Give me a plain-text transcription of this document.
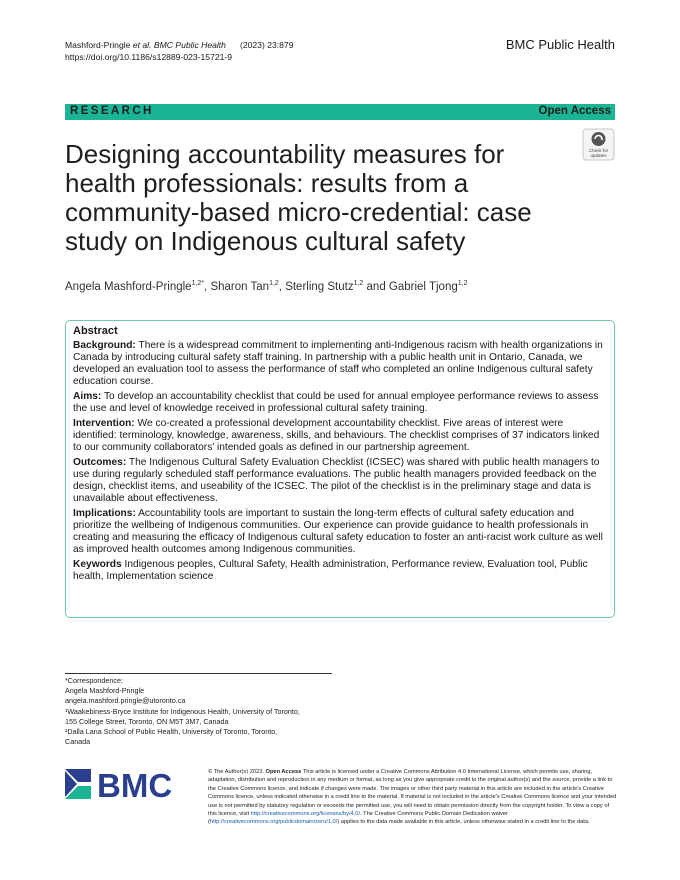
Mashford-Pringle et al. BMC Public Health (2023) 23:879
https://doi.org/10.1186/s12889-023-15721-9
BMC Public Health
RESEARCH	Open Access
Check for
updates
Designing accountability measures for health professionals: results from a community-based micro-credential: case study on Indigenous cultural safety
Angela Mashford-Pringle$^{1,2*}$, Sharon Tan$^{1,2}$, Sterling Stutz$^{1,2}$ and Gabriel Tjong$^{1,2}$
Abstract

Background: There is a widespread commitment to implementing anti-Indigenous racism with health organizations in Canada by introducing cultural safety staff training. In partnership with a public health unit in Ontario, Canada, we developed an evaluation tool to assess the performance of staff who completed an online Indigenous cultural safety education course.

Aims: To develop an accountability checklist that could be used for annual employee performance reviews to assess the use and level of knowledge received in professional cultural safety training.

Intervention: We co-created a professional development accountability checklist. Five areas of interest were identified: terminology, knowledge, awareness, skills, and behaviours. The checklist comprises of 37 indicators linked to our community collaborators’ intended goals as defined in our partnership agreement.

Outcomes: The Indigenous Cultural Safety Evaluation Checklist (ICSEC) was shared with public health managers to use during regularly scheduled staff performance evaluations. The public health managers provided feedback on the design, checklist items, and useability of the ICSEC. The pilot of the checklist is in the preliminary stage and data is unavailable about effectiveness.

Implications: Accountability tools are important to sustain the long-term effects of cultural safety education and prioritize the wellbeing of Indigenous communities. Our experience can provide guidance to health professionals in creating and measuring the efficacy of Indigenous cultural safety education to foster an anti-racist work culture as well as improved health outcomes among Indigenous communities.

Keywords Indigenous peoples, Cultural Safety, Health administration, Performance review, Evaluation tool, Public health, Implementation science

*Correspondence:
Angela Mashford-Pringle
angela.mashford.pringle@utoronto.ca
¹Waakebiness-Bryce Institute for Indigenous Health, University of Toronto,
155 College Street, Toronto, ON M5T 3M7, Canada
²Dalla Lana School of Public Health, University of Toronto, Toronto,
Canada
BMC	© The Author(s) 2023. Open Access This article is licensed under a Creative Commons Attribution 4.0 International License, which permits use, sharing, adaptation, distribution and reproduction in any medium or format, as long as you give appropriate credit to the original author(s) and the source, provide a link to the Creative Commons licence, and indicate if changes were made. The images or other third party material in this article are included in the article’s Creative Commons licence, unless indicated otherwise in a credit line to the material. If material is not included in the article’s Creative Commons licence and your intended use is not permitted by statutory regulation or exceeds the permitted use, you will need to obtain permission directly from the copyright holder. To view a copy of this licence, visit http://creativecommons.org/licenses/by/4.0/. The Creative Commons Public Domain Dedication waiver (http://creativecommons.org/publicdomain/zero/1.0/) applies to the data made available in this article, unless otherwise stated in a credit line to the data.
